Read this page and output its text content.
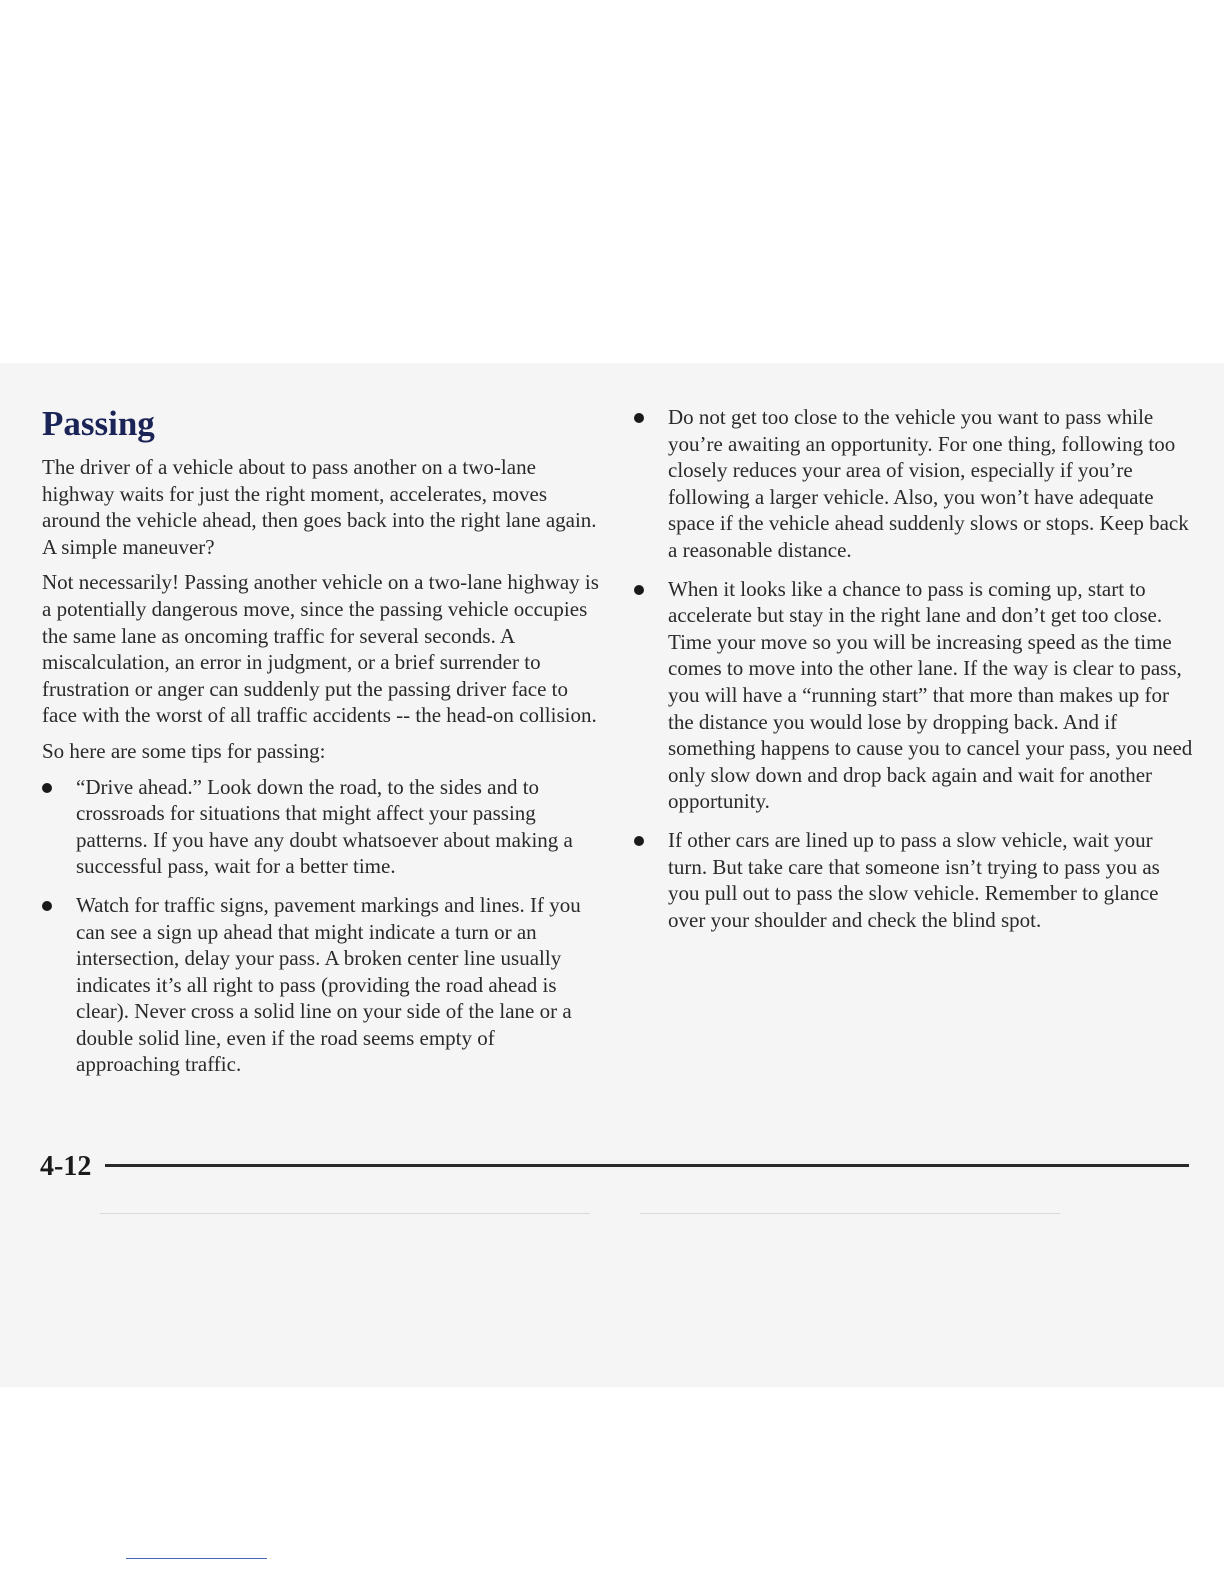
Passing

The driver of a vehicle about to pass another on a two-lane highway waits for just the right moment, accelerates, moves around the vehicle ahead, then goes back into the right lane again. A simple maneuver?

Not necessarily! Passing another vehicle on a two-lane highway is a potentially dangerous move, since the passing vehicle occupies the same lane as oncoming traffic for several seconds. A miscalculation, an error in judgment, or a brief surrender to frustration or anger can suddenly put the passing driver face to face with the worst of all traffic accidents -- the head-on collision.

So here are some tips for passing:

“Drive ahead.” Look down the road, to the sides and to crossroads for situations that might affect your passing patterns. If you have any doubt whatsoever about making a successful pass, wait for a better time.
Watch for traffic signs, pavement markings and lines. If you can see a sign up ahead that might indicate a turn or an intersection, delay your pass. A broken center line usually indicates it’s all right to pass (providing the road ahead is clear). Never cross a solid line on your side of the lane or a double solid line, even if the road seems empty of approaching traffic.
Do not get too close to the vehicle you want to pass while you’re awaiting an opportunity. For one thing, following too closely reduces your area of vision, especially if you’re following a larger vehicle. Also, you won’t have adequate space if the vehicle ahead suddenly slows or stops. Keep back a reasonable distance.
When it looks like a chance to pass is coming up, start to accelerate but stay in the right lane and don’t get too close. Time your move so you will be increasing speed as the time comes to move into the other lane. If the way is clear to pass, you will have a “running start” that more than makes up for the distance you would lose by dropping back. And if something happens to cause you to cancel your pass, you need only slow down and drop back again and wait for another opportunity.
If other cars are lined up to pass a slow vehicle, wait your turn. But take care that someone isn’t trying to pass you as you pull out to pass the slow vehicle. Remember to glance over your shoulder and check the blind spot.
4-12
